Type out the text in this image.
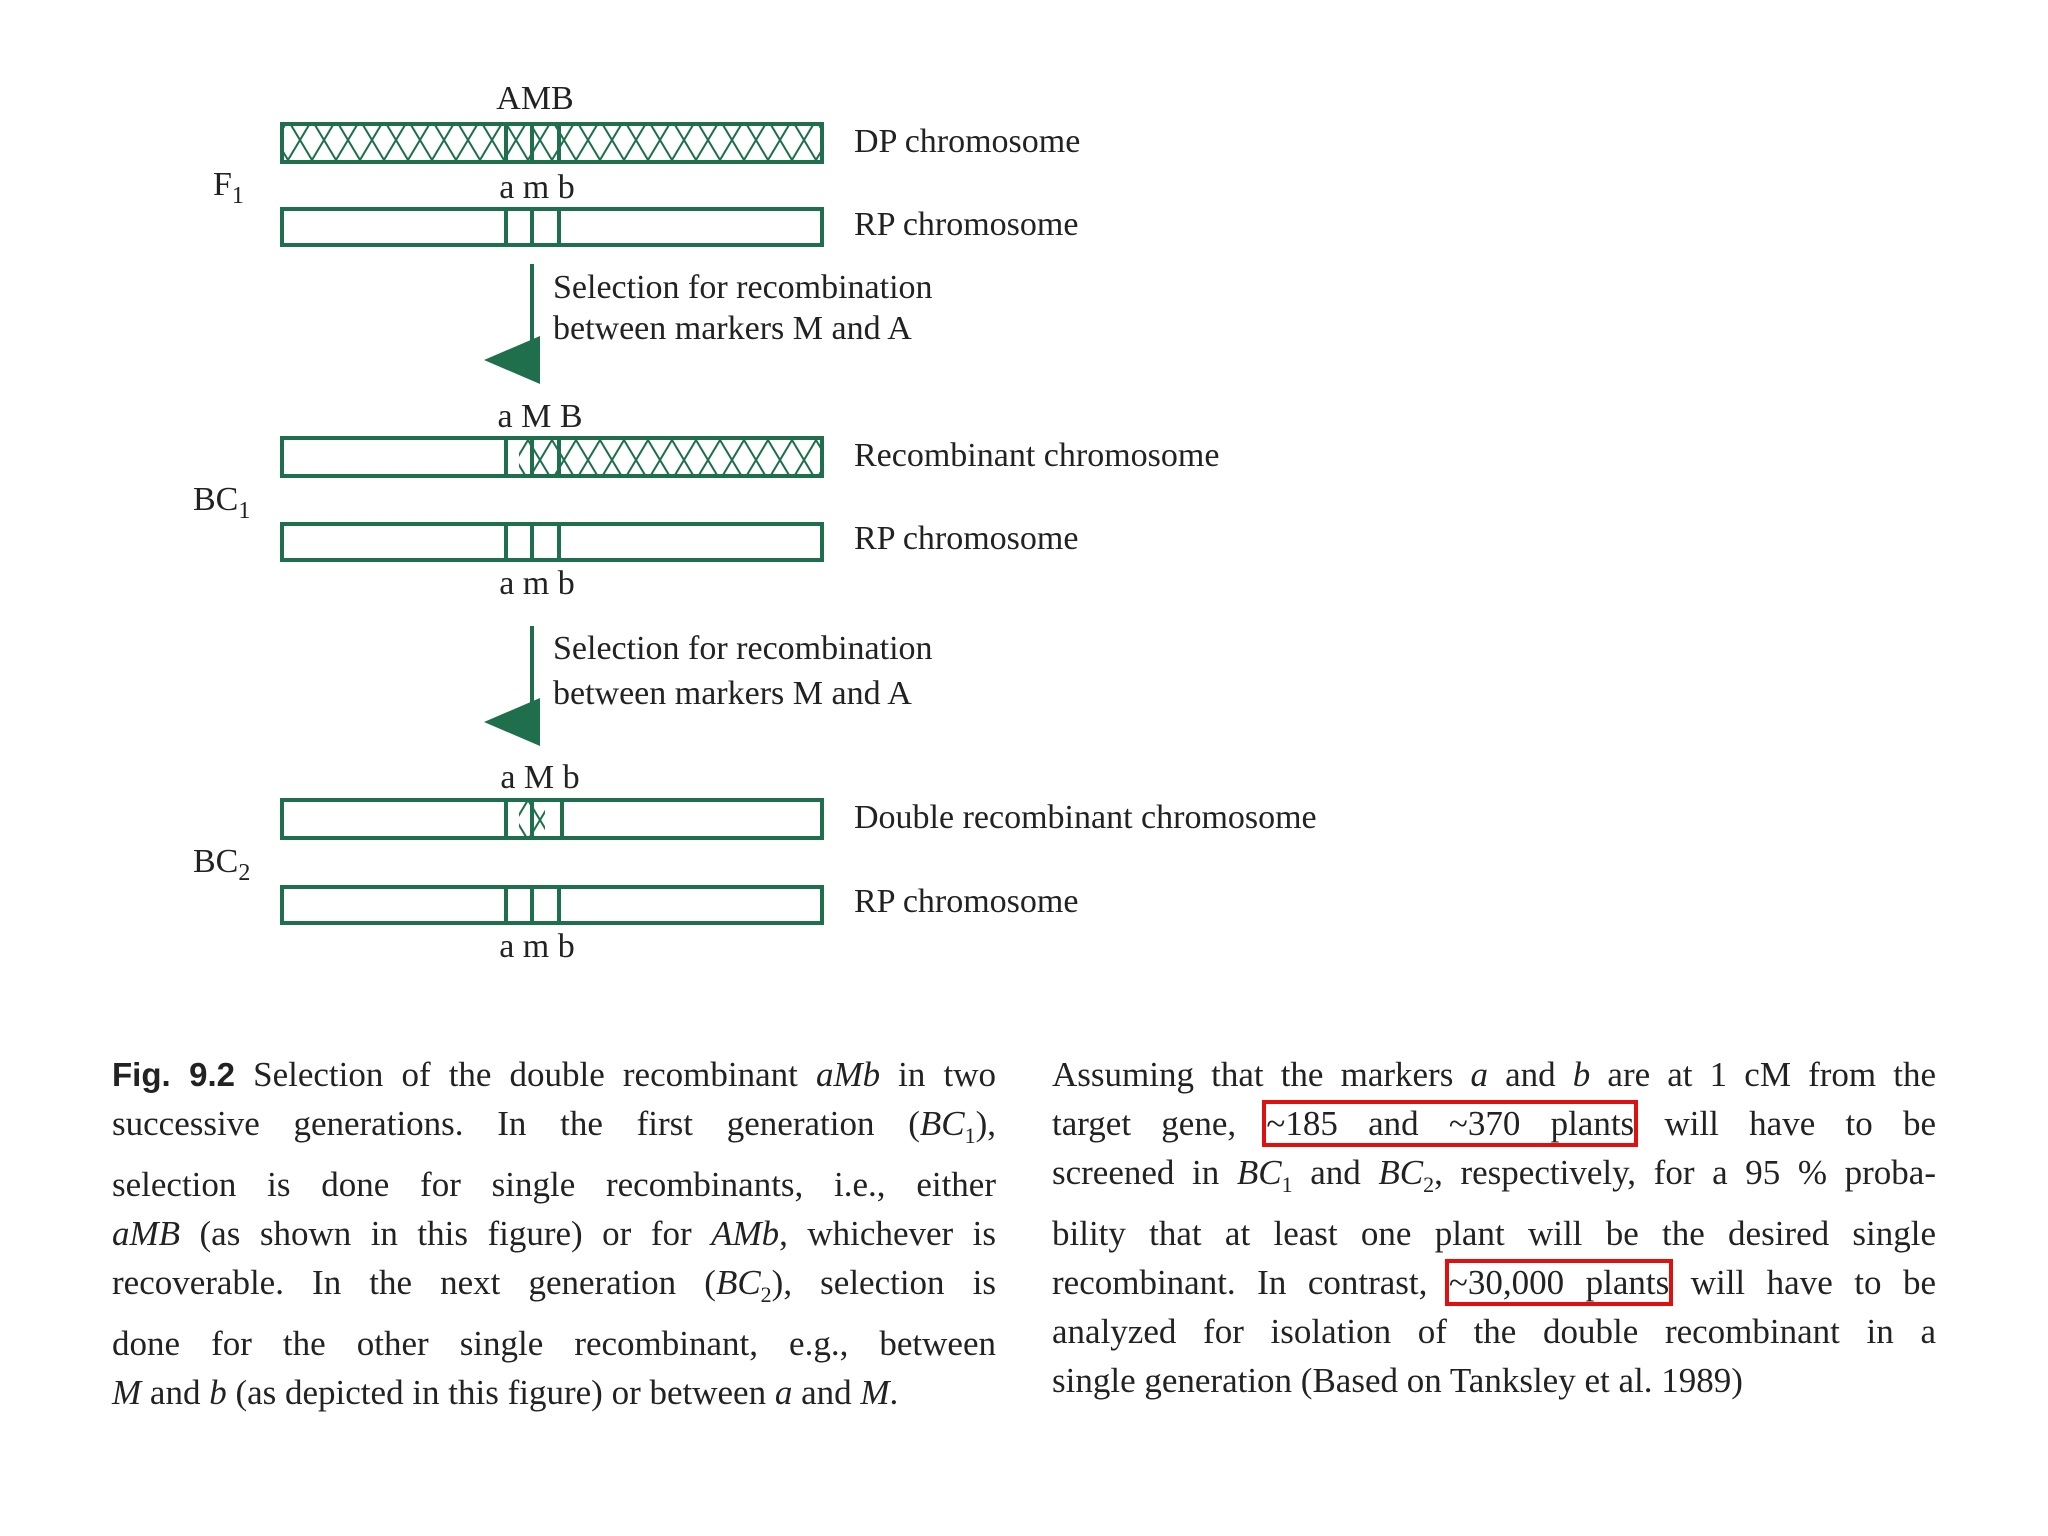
$F_1$
AMB
DP chromosome
a m b
RP chromosome
Selection for recombination
between markers M and A
$BC_1$
a M B
Recombinant chromosome
RP chromosome
a m b
Selection for recombination
between markers M and A
$BC_2$
a M b
Double recombinant chromosome
RP chromosome
a m b
Fig. 9.2 Selection of the double recombinant aMb in two
successive generations. In the first generation $(BC_1)$,
selection is done for single recombinants, i.e., either
aMB (as shown in this figure) or for AMb, whichever is
recoverable. In the next generation $(BC_2)$, selection is
done for the other single recombinant, e.g., between
M and b (as depicted in this figure) or between a and M.
Assuming that the markers a and b are at 1 cM from the
target gene, ~185 and ~370 plants will have to be
screened in $BC_1$ and $BC_2$, respectively, for a 95 % proba-
bility that at least one plant will be the desired single
recombinant. In contrast, ~30,000 plants will have to be
analyzed for isolation of the double recombinant in a
single generation (Based on Tanksley et al. 1989)
